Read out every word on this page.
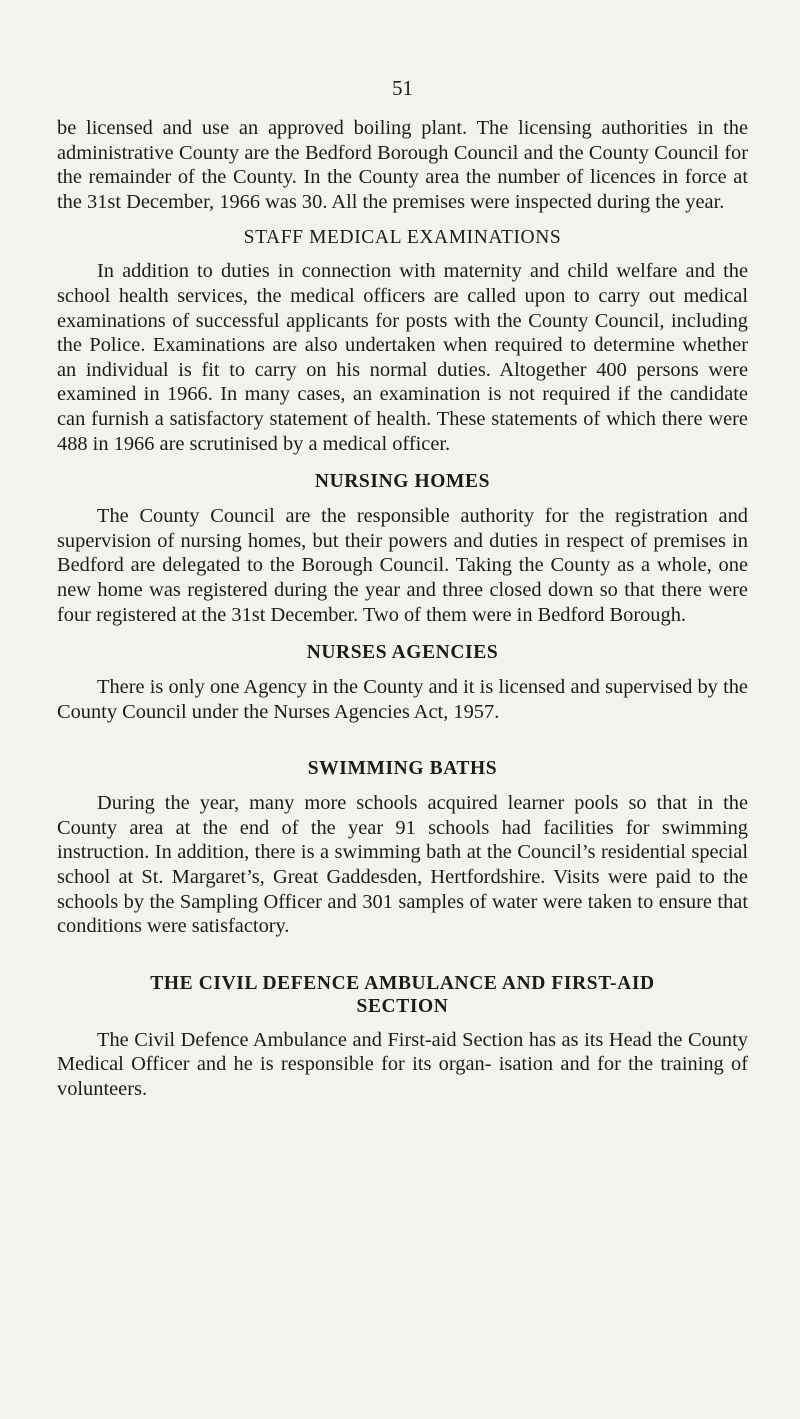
51

be licensed and use an approved boiling plant. The licensing authorities in the administrative County are the Bedford Borough Council and the County Council for the remainder of the County. In the County area the number of licences in force at the 31st December, 1966 was 30. All the premises were inspected during the year.

STAFF MEDICAL EXAMINATIONS

In addition to duties in connection with maternity and child welfare and the school health services, the medical officers are called upon to carry out medical examinations of successful applicants for posts with the County Council, including the Police. Examinations are also undertaken when required to determine whether an individual is fit to carry on his normal duties. Altogether 400 persons were examined in 1966. In many cases, an examination is not required if the candidate can furnish a satisfactory statement of health. These statements of which there were 488 in 1966 are scrutinised by a medical officer.

NURSING HOMES

The County Council are the responsible authority for the registration and supervision of nursing homes, but their powers and duties in respect of premises in Bedford are delegated to the Borough Council. Taking the County as a whole, one new home was registered during the year and three closed down so that there were four registered at the 31st December. Two of them were in Bedford Borough.

NURSES AGENCIES

There is only one Agency in the County and it is licensed and supervised by the County Council under the Nurses Agencies Act, 1957.

SWIMMING BATHS

During the year, many more schools acquired learner pools so that in the County area at the end of the year 91 schools had facilities for swimming instruction. In addition, there is a swimming bath at the Council’s residential special school at St. Margaret’s, Great Gaddesden, Hertfordshire. Visits were paid to the schools by the Sampling Officer and 301 samples of water were taken to ensure that conditions were satisfactory.

THE CIVIL DEFENCE AMBULANCE AND FIRST-AID
SECTION

The Civil Defence Ambulance and First-aid Section has as its Head the County Medical Officer and he is responsible for its organ- isation and for the training of volunteers.
